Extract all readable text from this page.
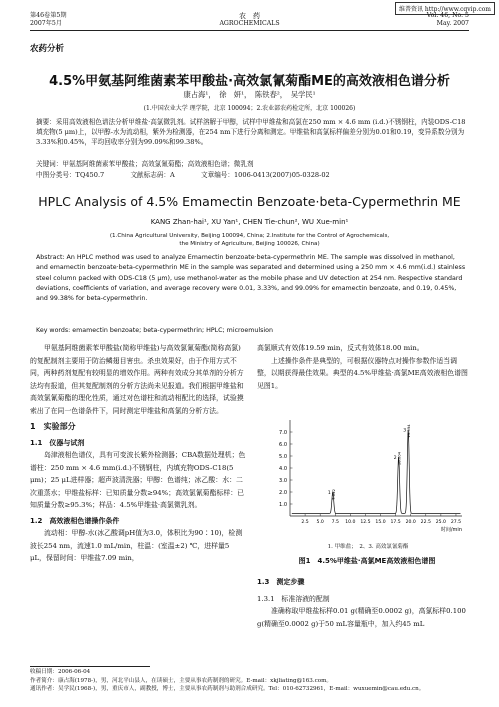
维普资讯 http://www.cqvip.com
第46卷第5期
2007年5月
农　药
AGROCHEMICALS
Vol. 46, No. 5
May. 2007
农药分析
4.5%甲氨基阿维菌素苯甲酸盐·高效氯氰菊酯ME的高效液相色谱分析
康占海¹，　徐　妍¹，　陈铁春²，　吴学民¹
(1.中国农业大学 理学院，北京 100094；2.农业部农药检定所，北京 100026)
摘要：采用高效液相色谱法分析甲维盐·高氯微乳剂。试样溶解于甲醇，试样中甲维盐和高氯在250 mm × 4.6 mm (i.d.)不锈钢柱，内装ODS-C18 填充物(5 μm)上，以甲醇-水为流动相，紫外为检测器，在254 nm下进行分离和测定。甲维盐和高氯标样偏差分别为0.01和0.19，变异系数分别为3.33%和0.45%，平均回收率分别为99.09%和99.38%。
关键词：甲氨基阿维菌素苯甲酸盐；高效氯氰菊酯；高效液相色谱；微乳剂
中图分类号：TQ450.7	文献标志码：A	文章编号：1006-0413(2007)05-0328-02
HPLC Analysis of 4.5% Emamectin Benzoate·beta-Cypermethrin ME
KANG Zhan-hai¹, XU Yan¹, CHEN Tie-chun², WU Xue-min¹
(1.China Agricultural University, Beijing 100094, China; 2.Institute for the Control of Agrochemicals,
the Ministry of Agriculture, Beijing 100026, China)
Abstract: An HPLC method was used to analyze Emamectin benzoate·beta-cypermethrin ME. The sample was dissolved in methanol, and emamectin benzoate·beta-cypermethrin ME in the sample was separated and determined using a 250 mm × 4.6 mm(i.d.) stainless steel column packed with ODS-C18 (5 μm), use methanol-water as the mobile phase and UV detection at 254 nm. Respective standard deviations, coefficients of variation, and average recovery were 0.01, 3.33%, and 99.09% for emamectin benzoate, and 0.19, 0.45%, and 99.38% for beta-cypermethrin.
Key words: emamectin benzoate; beta-cypermethrin; HPLC; microemulsion
甲氨基阿维菌素苯甲酸盐(简称甲维盐)与高效氯氰菊酯(简称高氯)的复配制剂主要用于防治鳞翅目害虫。杀虫效果好，由于作用方式不同，两种药剂复配有较明显的增效作用。两种有效成分其单剂的分析方法均有报道，但其复配制剂的分析方法尚未见报道。我们根据甲维盐和高效氯氰菊酯的理化性质，通过对色谱柱和流动相配比的选择，试验摸索出了在同一色谱条件下，同时测定甲维盐和高氯的分析方法。
1　实验部分
1.1　仪器与试剂
岛津液相色谱仪，具有可变波长紫外检测器；CBA数据处理机；色谱柱：250 mm × 4.6 mm(i.d.)不锈钢柱，内填充物ODS-C18(5 μm)；25 μL进样器；超声波清洗器；甲醇：色谱纯；冰乙酸：水：二次重蒸水；甲维盐标样：已知质量分数≥94%；高效氯氰菊酯标样：已知质量分数≥95.3%；样品：4.5%甲维盐·高氯微乳剂。
1.2　高效液相色谱操作条件
流动相：甲醇-水(冰乙酸调pH值为3.0，体积比为90∶10)，检测波长254 nm，流速1.0 mL/min，柱温：(室温±2) ℃，进样量5 μL，保留时间：甲维盐7.09 min，
高氯顺式有效体19.59 min，反式有效体18.00 min。
上述操作条件是典型的，可根据仪器特点对操作参数作适当调整，以期获得最佳效果。典型的4.5%甲维盐·高氯ME高效液相色谱图见图1。
1.0
2.0
3.0
4.0
5.0
6.0
7.0
2.5 5.0 7.5 10.0 12.5 15.0 17.5 20.0 22.5 25.0 27.5
时间/min
7.092
1
18.004
2
19.594
3
1. 甲维盐；　2、3. 高效氯氰菊酯
图1　4.5%甲维盐·高氯ME高效液相色谱图
1.3　测定步骤
1.3.1　标准溶液的配制
准确称取甲维盐标样0.01 g(精确至0.0002 g)，高氯标样0.100 g(精确至0.0002 g)于50 mL容量瓶中，加入约45 mL
收稿日期：2006-06-04
作者简介：康占海(1978-)，男，河北平山县人，在读硕士，主要从事农药制剂的研究。E-mail：xkjliating@163.com。
通讯作者：吴学民(1968-)，男，重庆市人，副教授，博士，主要从事农药制剂与助剂合成研究。Tel：010-62732961，E-mail：wuxuemin@cau.edu.cn。
